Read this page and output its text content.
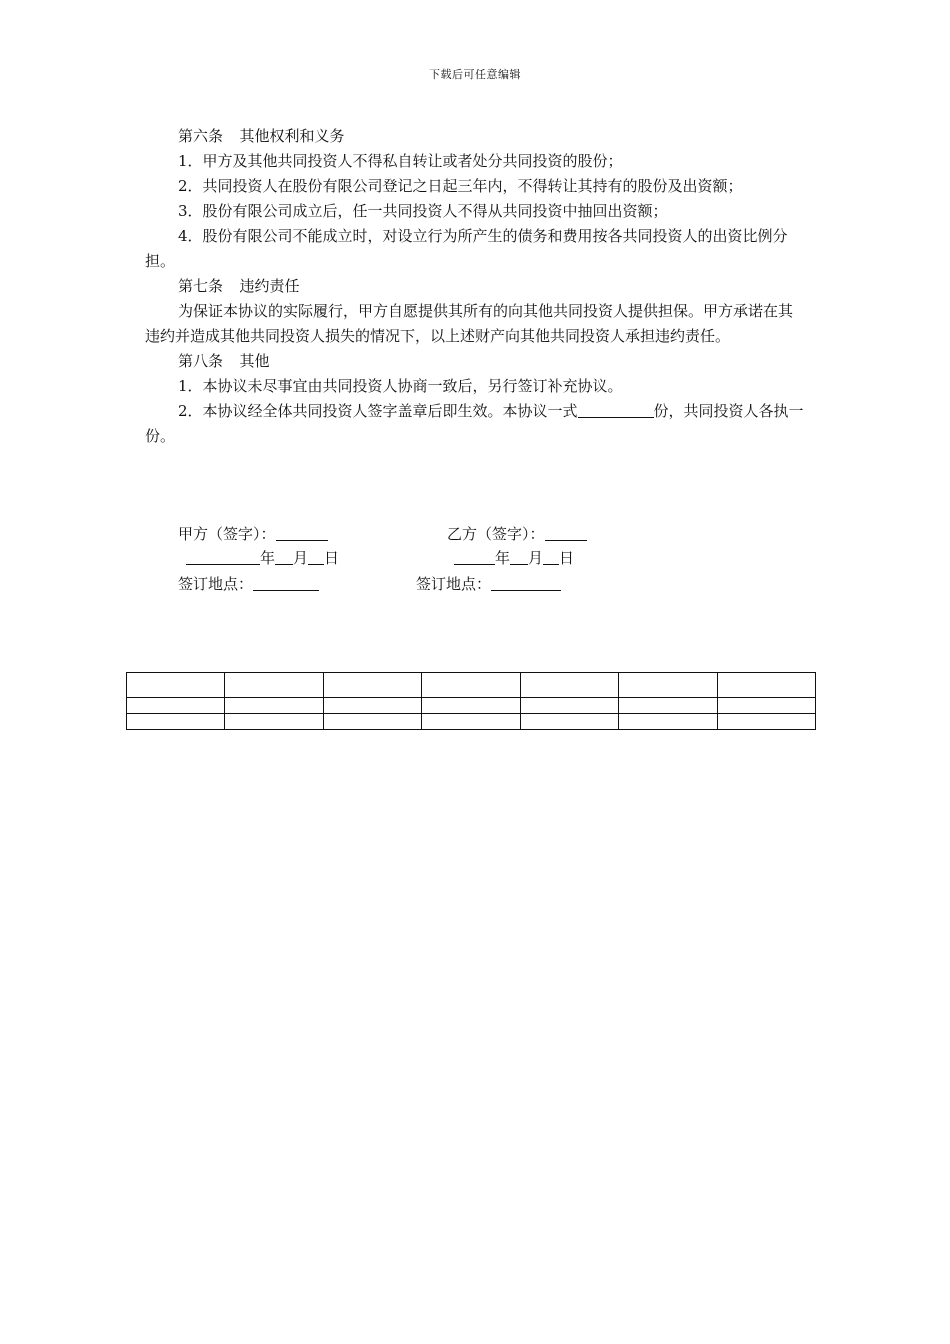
下载后可任意编辑

第六条 其他权利和义务

1．甲方及其他共同投资人不得私自转让或者处分共同投资的股份；

2．共同投资人在股份有限公司登记之日起三年内，不得转让其持有的股份及出资额；

3．股份有限公司成立后，任一共同投资人不得从共同投资中抽回出资额；

4．股份有限公司不能成立时，对设立行为所产生的债务和费用按各共同投资人的出资比例分担。

第七条 违约责任

为保证本协议的实际履行，甲方自愿提供其所有的向其他共同投资人提供担保。甲方承诺在其违约并造成其他共同投资人损失的情况下，以上述财产向其他共同投资人承担违约责任。

第八条 其他

1．本协议未尽事宜由共同投资人协商一致后，另行签订补充协议。

2．本协议经全体共同投资人签字盖章后即生效。本协议一式	份，共同投资人各执一份。

甲方（签字）：	乙方（签字）：
年 月 日	年 月 日
签订地点：	签订地点：
